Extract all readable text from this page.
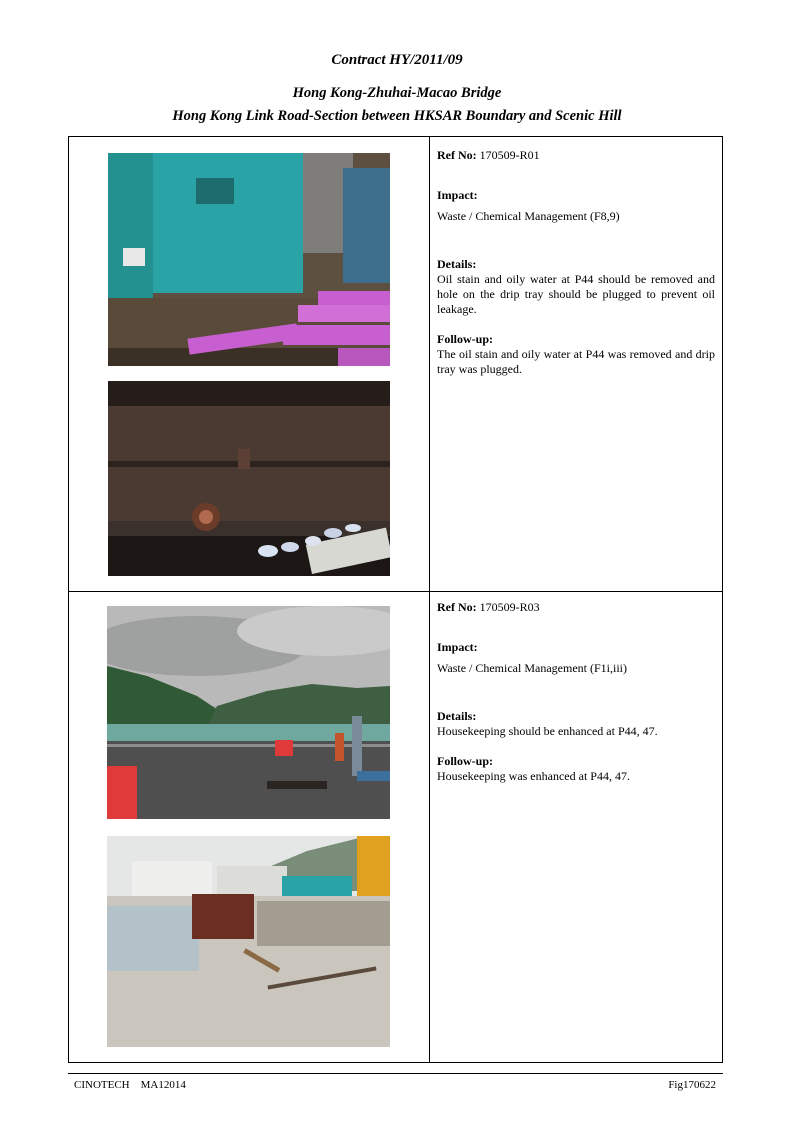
Contract HY/2011/09
Hong Kong-Zhuhai-Macao Bridge
Hong Kong Link Road-Section between HKSAR Boundary and Scenic Hill
Ref No: 170509-R01
Impact:
Waste / Chemical Management (F8,9)
Details:
Oil stain and oily water at P44 should be removed and hole on the drip tray should be plugged to prevent oil leakage.
Follow-up:
The oil stain and oily water at P44 was removed and drip tray was plugged.
Ref No: 170509-R03
Impact:
Waste / Chemical Management (F1i,iii)
Details:
Housekeeping should be enhanced at P44, 47.
Follow-up:
Housekeeping was enhanced at P44, 47.
CINOTECH    MA12014	Fig170622
